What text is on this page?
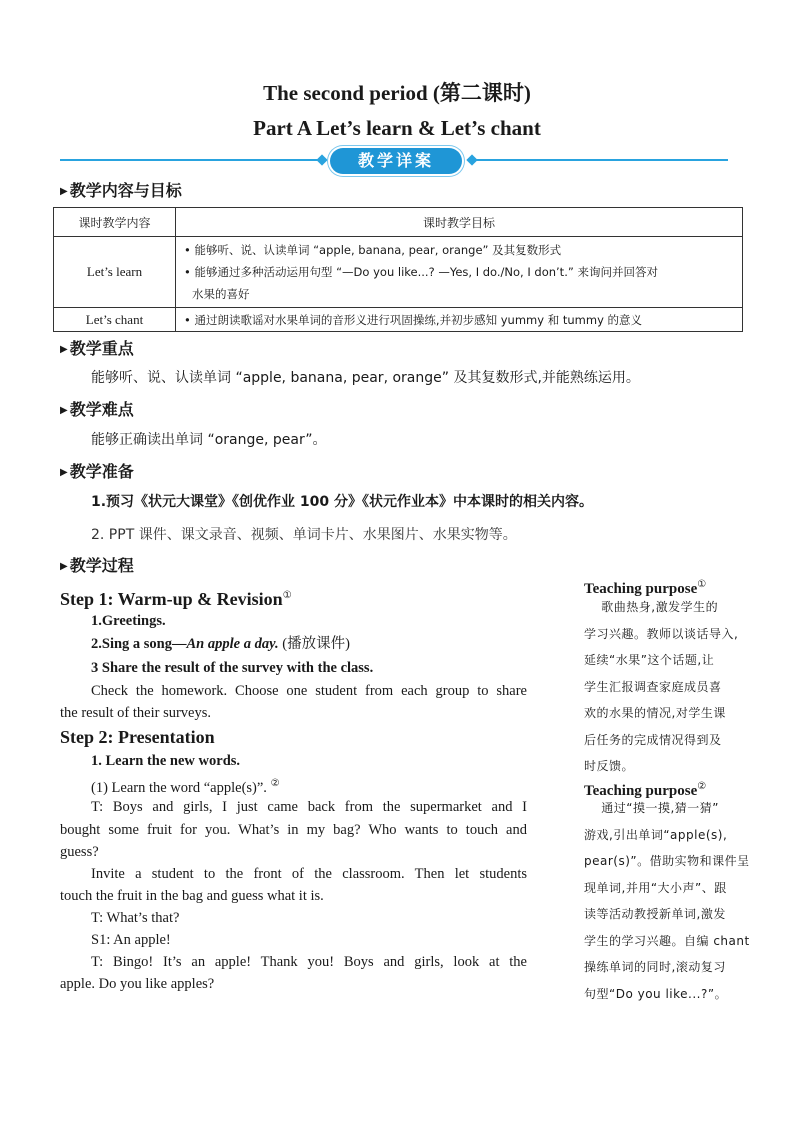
The second period (第二课时)
Part A Let’s learn & Let’s chant
教学详案
▶ 教学内容与目标
课时教学内容	课时教学目标
Let’s learn	• 能够听、说、认读单词 “apple, banana, pear, orange” 及其复数形式
• 能够通过多种活动运用句型 “—Do you like...? —Yes, I do./No, I don’t.” 来询问并回答对
水果的喜好

Let’s chant	• 通过朗读歌谣对水果单词的音形义进行巩固操练,并初步感知 yummy 和 tummy 的意义
▶ 教学重点
能够听、说、认读单词 “apple, banana, pear, orange” 及其复数形式,并能熟练运用。
▶ 教学难点
能够正确读出单词 “orange, pear”。
▶ 教学准备
1.预习《状元大课堂》《创优作业 100 分》《状元作业本》中本课时的相关内容。
2. PPT 课件、课文录音、视频、单词卡片、水果图片、水果实物等。
▶ 教学过程
Step 1: Warm-up & Revision①
1.Greetings.
2.Sing a song—An apple a day. (播放课件)
3 Share the result of the survey with the class.
Check the homework. Choose one student from each group to share
the result of their surveys.
Step 2: Presentation
1. Learn the new words.
(1) Learn the word “apple(s)”. ②
T: Boys and girls, I just came back from the supermarket and I
bought some fruit for you. What’s in my bag? Who wants to touch and
guess?
Invite a student to the front of the classroom. Then let students
touch the fruit in the bag and guess what it is.
T: What’s that?
S1: An apple!
T: Bingo! It’s an apple! Thank you! Boys and girls, look at the
apple. Do you like apples?
Teaching purpose①
歌曲热身,激发学生的
学习兴趣。教师以谈话导入,
延续“水果”这个话题,让
学生汇报调查家庭成员喜
欢的水果的情况,对学生课
后任务的完成情况得到及
时反馈。
Teaching purpose②
通过“摸一摸,猜一猜”
游戏,引出单词“apple(s),
pear(s)”。借助实物和课件呈
现单词,并用“大小声”、跟
读等活动教授新单词,激发
学生的学习兴趣。自编 chant
操练单词的同时,滚动复习
句型“Do you like...?”。
